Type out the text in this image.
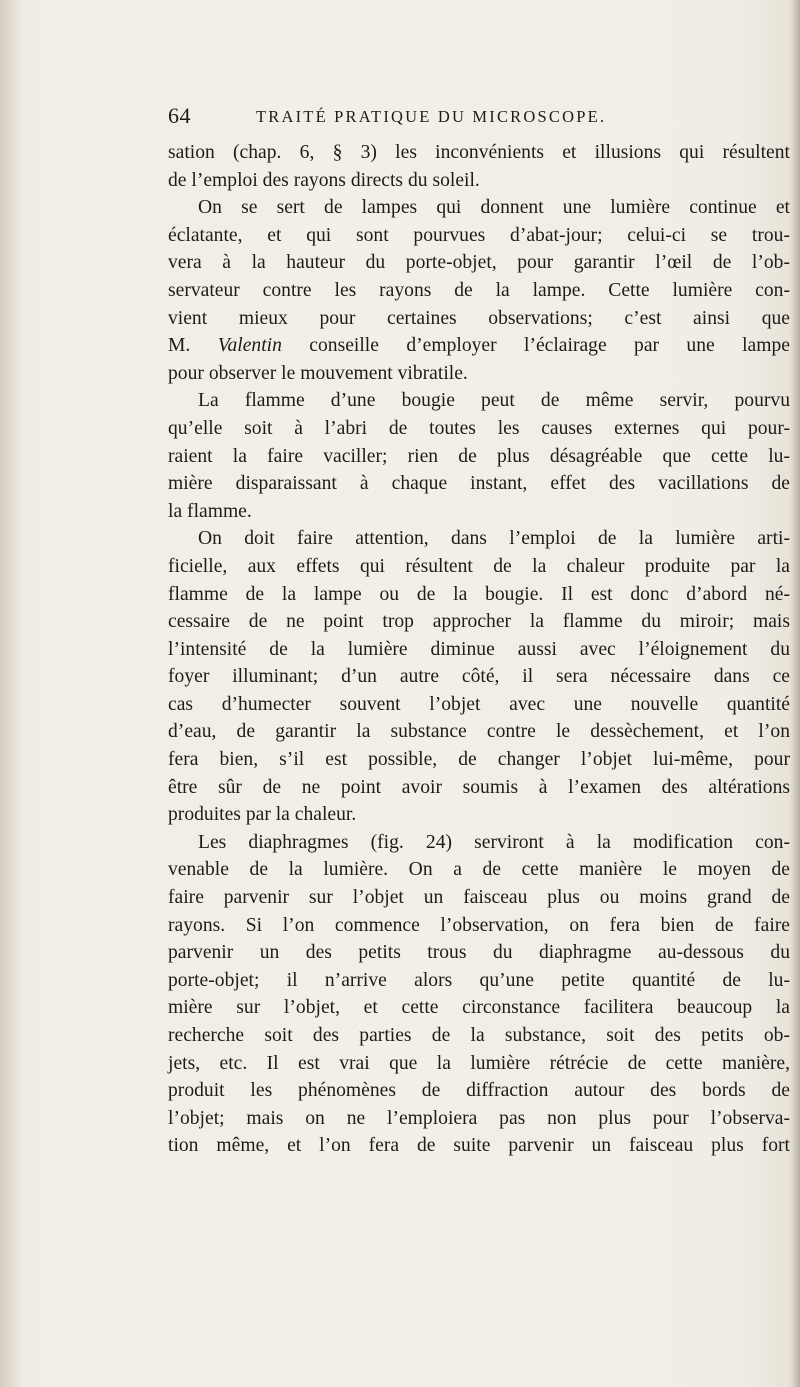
64	TRAITÉ PRATIQUE DU MICROSCOPE.
sation (chap. 6, § 3) les inconvénients et illusions qui résultent
de l’emploi des rayons directs du soleil.
On se sert de lampes qui donnent une lumière continue et
éclatante, et qui sont pourvues d’abat-jour; celui-ci se trou-
vera à la hauteur du porte-objet, pour garantir l’œil de l’ob-
servateur contre les rayons de la lampe. Cette lumière con-
vient mieux pour certaines observations; c’est ainsi que
M. Valentin conseille d’employer l’éclairage par une lampe
pour observer le mouvement vibratile.
La flamme d’une bougie peut de même servir, pourvu
qu’elle soit à l’abri de toutes les causes externes qui pour-
raient la faire vaciller; rien de plus désagréable que cette lu-
mière disparaissant à chaque instant, effet des vacillations de
la flamme.
On doit faire attention, dans l’emploi de la lumière arti-
ficielle, aux effets qui résultent de la chaleur produite par la
flamme de la lampe ou de la bougie. Il est donc d’abord né-
cessaire de ne point trop approcher la flamme du miroir; mais
l’intensité de la lumière diminue aussi avec l’éloignement du
foyer illuminant; d’un autre côté, il sera nécessaire dans ce
cas d’humecter souvent l’objet avec une nouvelle quantité
d’eau, de garantir la substance contre le dessèchement, et l’on
fera bien, s’il est possible, de changer l’objet lui-même, pour
être sûr de ne point avoir soumis à l’examen des altérations
produites par la chaleur.
Les diaphragmes (fig. 24) serviront à la modification con-
venable de la lumière. On a de cette manière le moyen de
faire parvenir sur l’objet un faisceau plus ou moins grand de
rayons. Si l’on commence l’observation, on fera bien de faire
parvenir un des petits trous du diaphragme au-dessous du
porte-objet; il n’arrive alors qu’une petite quantité de lu-
mière sur l’objet, et cette circonstance facilitera beaucoup la
recherche soit des parties de la substance, soit des petits ob-
jets, etc. Il est vrai que la lumière rétrécie de cette manière,
produit les phénomènes de diffraction autour des bords de
l’objet; mais on ne l’emploiera pas non plus pour l’observa-
tion même, et l’on fera de suite parvenir un faisceau plus fort
